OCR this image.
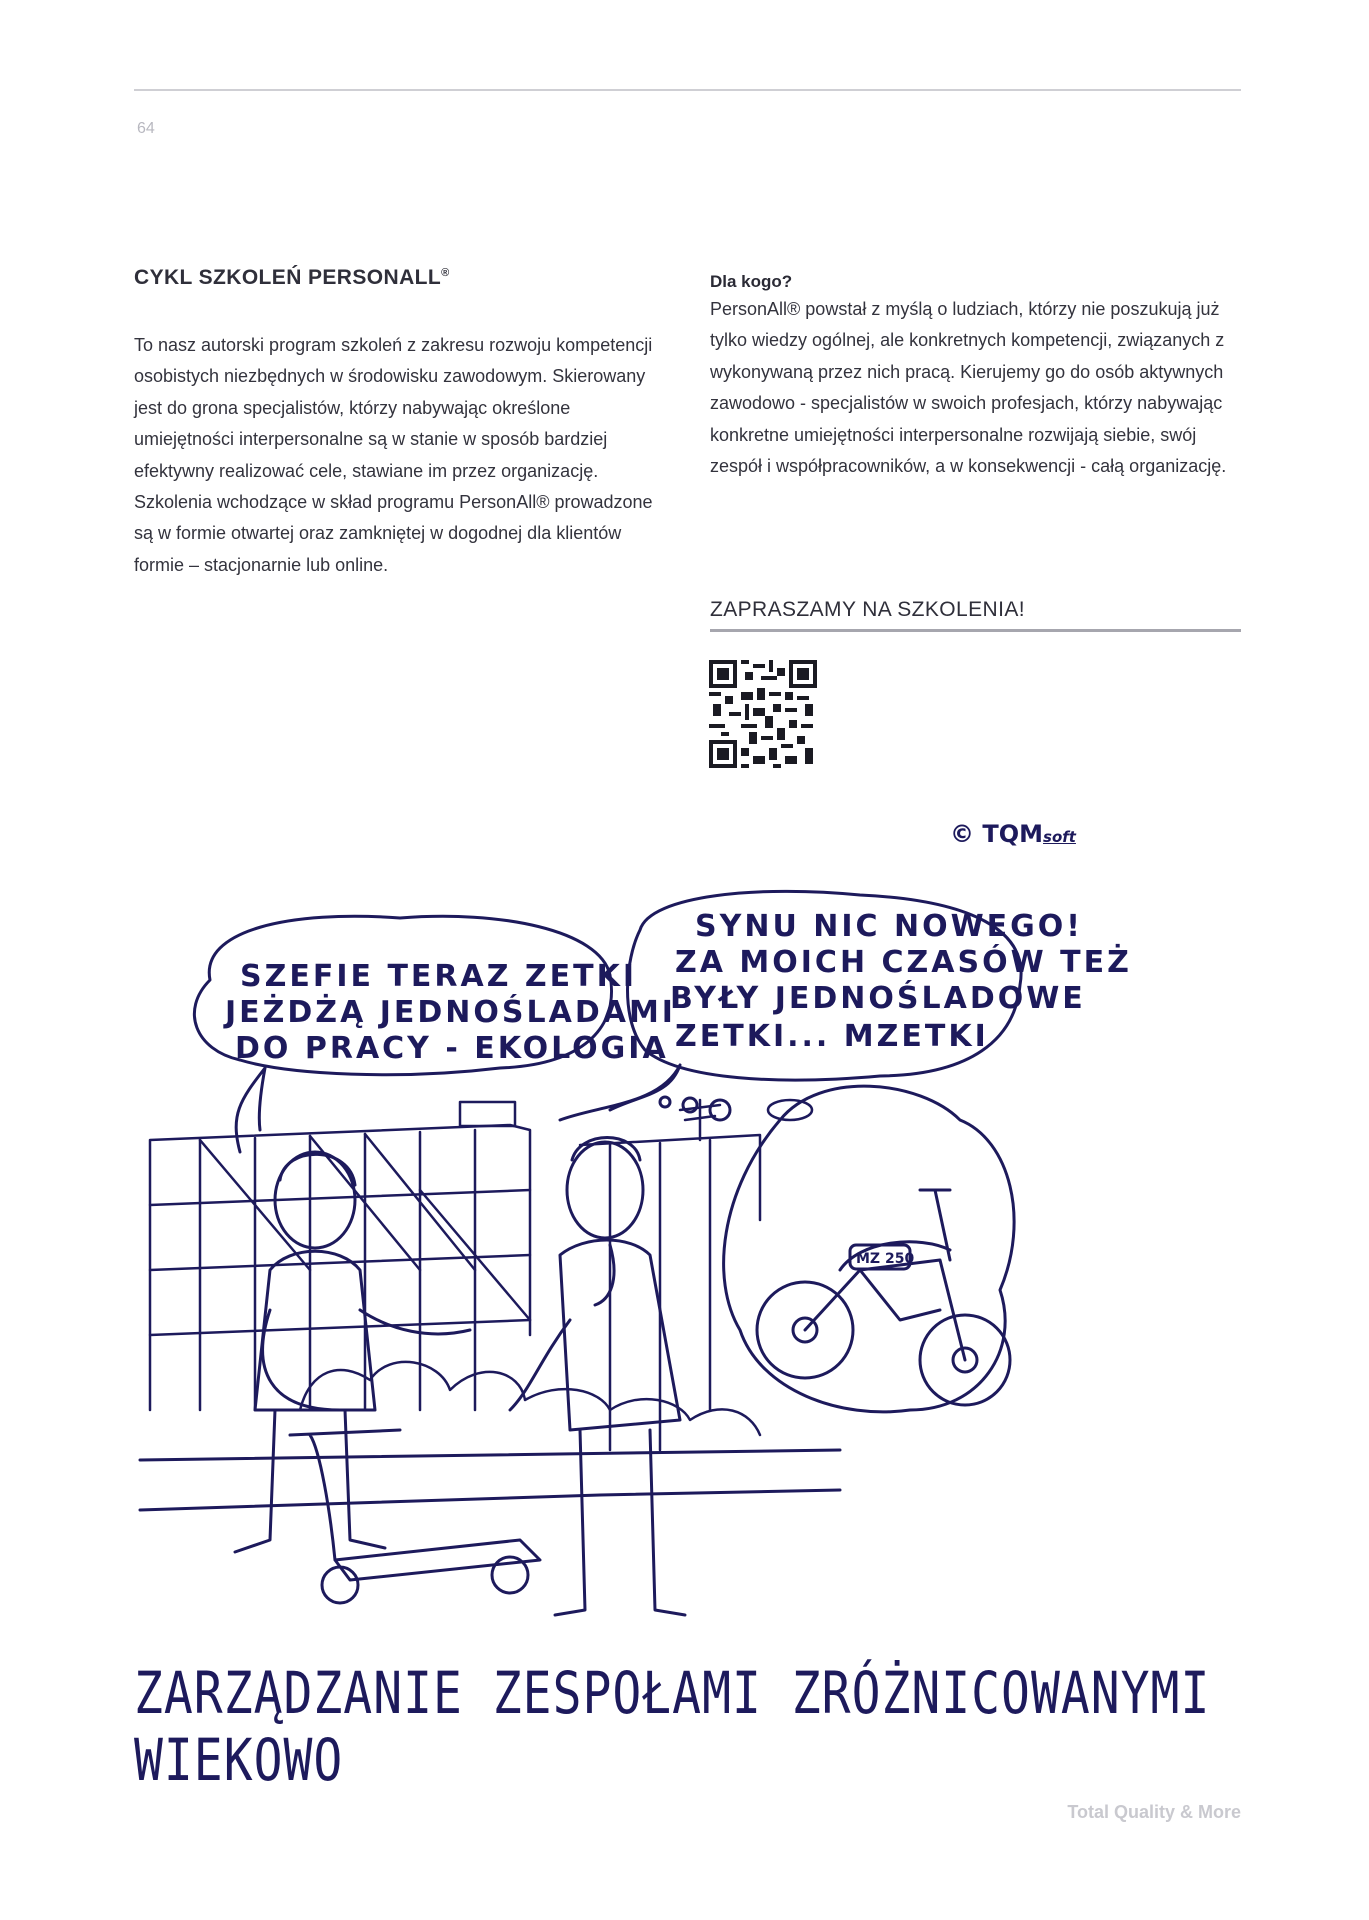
64
CYKL SZKOLEŃ PERSONALL®

To nasz autorski program szkoleń z zakresu rozwoju kompetencji osobistych niezbędnych w środowisku zawodowym. Skierowany jest do grona specjalistów, którzy nabywając określone umiejętności interpersonalne są w stanie w sposób bardziej efektywny realizować cele, stawiane im przez organizację. Szkolenia wchodzące w skład programu PersonAll® prowadzone są w formie otwartej oraz zamkniętej w dogodnej dla klientów formie – stacjonarnie lub online.

Dla kogo?

PersonAll® powstał z myślą o ludziach, którzy nie poszukują już tylko wiedzy ogólnej, ale konkretnych kompetencji, związanych z wykonywaną przez nich pracą. Kierujemy go do osób aktywnych zawodowo - specjalistów w swoich profesjach, którzy nabywając konkretne umiejętności interpersonalne rozwijają siebie, swój zespół i współpracowników, a w konsekwencji - całą organizację.

ZAPRASZAMY NA SZKOLENIA!
© TQMsoft
SZEFIE TERAZ ZETKI
JEŻDŻĄ JEDNOŚLADAMI
DO PRACY - EKOLOGIA
SYNU NIC NOWEGO!
ZA MOICH CZASÓW TEŻ
BYŁY JEDNOŚLADOWE
ZETKI... MZETKI
MZ 250
ZARZĄDZANIE ZESPOŁAMI ZRÓŻNICOWANYMI WIEKOWO
Total Quality & More
